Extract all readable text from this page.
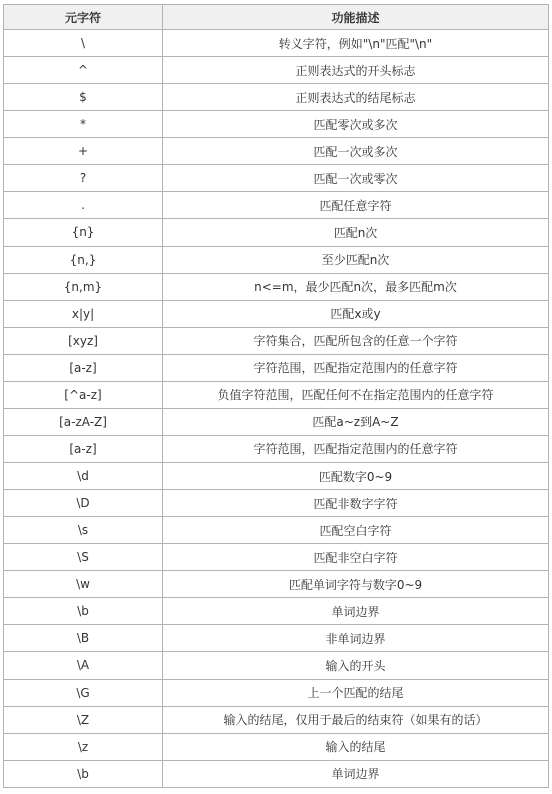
元字符	功能描述
\	转义字符，例如"\n"匹配"\n"
^	正则表达式的开头标志
$	正则表达式的结尾标志
*	匹配零次或多次
+	匹配一次或多次
?	匹配一次或零次
.	匹配任意字符
{n}	匹配n次
{n,}	至少匹配n次
{n,m}	n<=m，最少匹配n次，最多匹配m次
x|y|	匹配x或y
[xyz]	字符集合，匹配所包含的任意一个字符
[a-z]	字符范围，匹配指定范围内的任意字符
[^a-z]	负值字符范围，匹配任何不在指定范围内的任意字符
[a-zA-Z]	匹配a~z到A~Z
[a-z]	字符范围，匹配指定范围内的任意字符
\d	匹配数字0~9
\D	匹配非数字字符
\s	匹配空白字符
\S	匹配非空白字符
\w	匹配单词字符与数字0~9
\b	单词边界
\B	非单词边界
\A	输入的开头
\G	上一个匹配的结尾
\Z	输入的结尾，仅用于最后的结束符（如果有的话）
\z	输入的结尾
\b	单词边界
